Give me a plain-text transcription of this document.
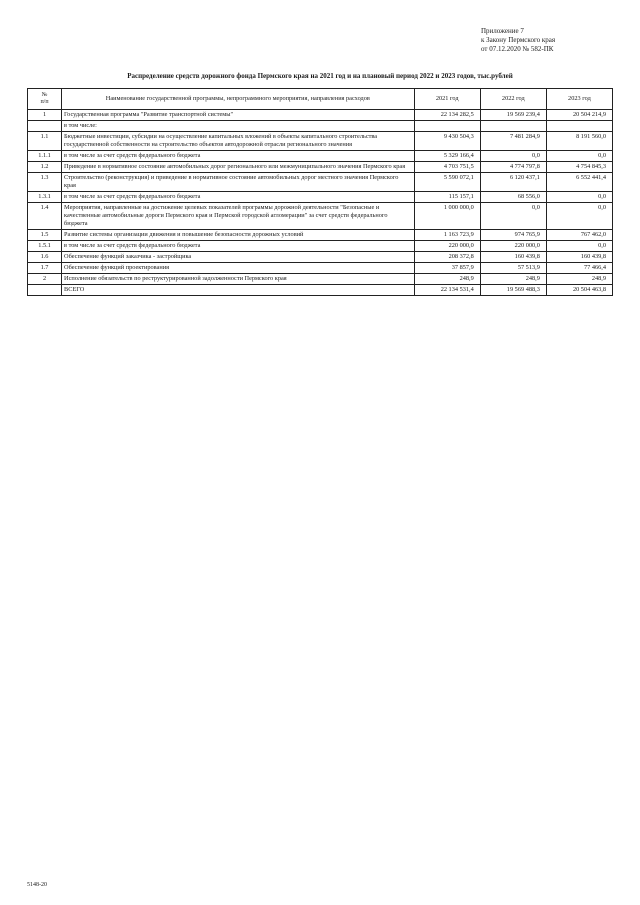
Приложение 7
к Закону Пермского края
от 07.12.2020 № 582-ПК
Распределение средств дорожного фонда Пермского края на 2021 год и на плановый период 2022 и 2023 годов, тыс.рублей
№
п/п	Наименование государственной программы, непрограммного мероприятия, направления расходов	2021 год	2022 год	2023 год
1	Государственная программа "Развитие транспортной системы"	22 134 282,5	19 569 239,4	20 504 214,9
	в том числе:			
1.1	Бюджетные инвестиции, субсидии на осуществление капитальных вложений в объекты капитального строительства государственной собственности на строительство объектов автодорожной отрасли регионального значения	9 430 504,3	7 481 284,9	8 191 560,0
1.1.1	в том числе за счет средств федерального бюджета	5 329 166,4	0,0	0,0
1.2	Приведение в нормативное состояние автомобильных дорог регионального или межмуниципального значения Пермского края	4 703 751,5	4 774 797,8	4 754 845,3
1.3	Строительство (реконструкция) и приведение в нормативное состояние автомобильных дорог местного значения Пермского края	5 590 072,1	6 120 437,1	6 552 441,4
1.3.1	в том числе за счет средств федерального бюджета	115 157,1	68 556,0	0,0
1.4	Мероприятия, направленные на достижение целевых показателей программы дорожной деятельности "Безопасные и качественные автомобильные дороги Пермского края и Пермской городской агломерации" за счет средств федерального бюджета	1 000 000,0	0,0	0,0
1.5	Развитие системы организации движения и повышение безопасности дорожных условий	1 163 723,9	974 765,9	767 462,0
1.5.1	в том числе за счет средств федерального бюджета	220 000,0	220 000,0	0,0
1.6	Обеспечение функций заказчика - застройщика	208 372,8	160 439,8	160 439,8
1.7	Обеспечение функций проектирования	37 857,9	57 513,9	77 466,4
2	Исполнение обязательств по реструктурированной задолженности Пермского края	248,9	248,9	248,9
	ВСЕГО	22 134 531,4	19 569 488,3	20 504 463,8
5148-20
